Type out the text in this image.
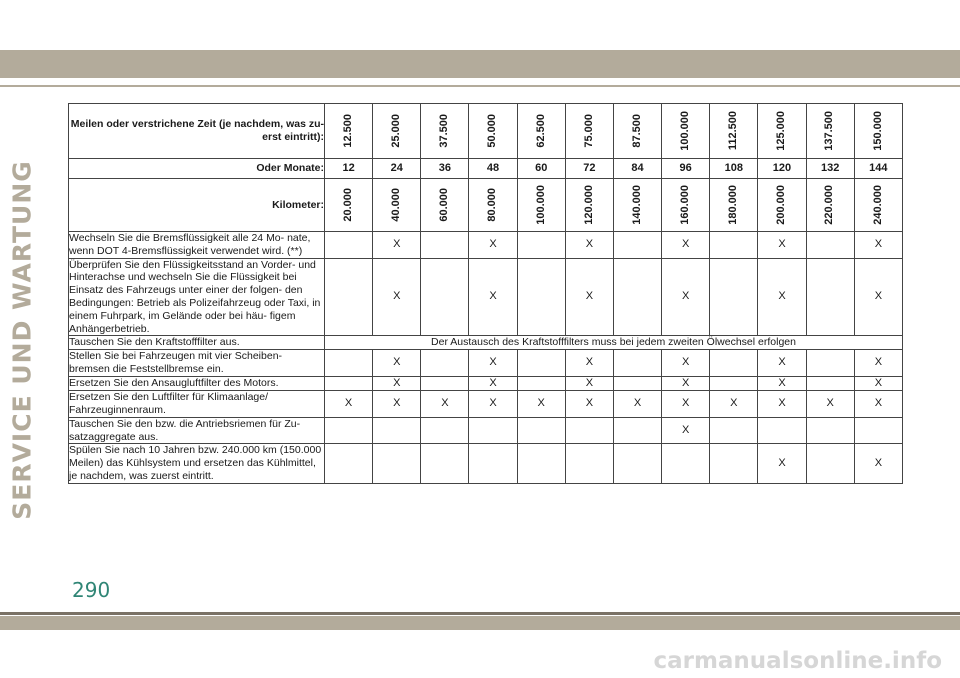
SERVICE UND WARTUNG
Meilen oder verstrichene Zeit (je nachdem, was zu- erst eintritt):	12.500	25.000	37.500	50.000	62.500	75.000	87.500	100.000	112.500	125.000	137.500	150.000
Oder Monate:	12	24	36	48	60	72	84	96	108	120	132	144
Kilometer:	20.000	40.000	60.000	80.000	100.000	120.000	140.000	160.000	180.000	200.000	220.000	240.000
Wechseln Sie die Bremsflüssigkeit alle 24 Mo- nate, wenn DOT 4-Bremsflüssigkeit verwendet wird. (**)		X		X		X		X		X		X
Überprüfen Sie den Flüssigkeitsstand an Vorder- und Hinterachse und wechseln Sie die Flüssigkeit bei Einsatz des Fahrzeugs unter einer der folgen- den Bedingungen: Betrieb als Polizeifahrzeug oder Taxi, in einem Fuhrpark, im Gelände oder bei häu- figem Anhängerbetrieb.		X		X		X		X		X		X
Tauschen Sie den Kraftstofffilter aus.	Der Austausch des Kraftstofffilters muss bei jedem zweiten Ölwechsel erfolgen											
Stellen Sie bei Fahrzeugen mit vier Scheiben- bremsen die Feststellbremse ein.		X		X		X		X		X		X
Ersetzen Sie den Ansaugluftfilter des Motors.		X		X		X		X		X		X
Ersetzen Sie den Luftfilter für Klimaanlage/ Fahrzeuginnenraum.	X	X	X	X	X	X	X	X	X	X	X	X
Tauschen Sie den bzw. die Antriebsriemen für Zu- satzaggregate aus.								X				
Spülen Sie nach 10 Jahren bzw. 240.000 km (150.000 Meilen) das Kühlsystem und ersetzen das Kühlmittel, je nachdem, was zuerst eintritt.										X		X
290
carmanualsonline.info
